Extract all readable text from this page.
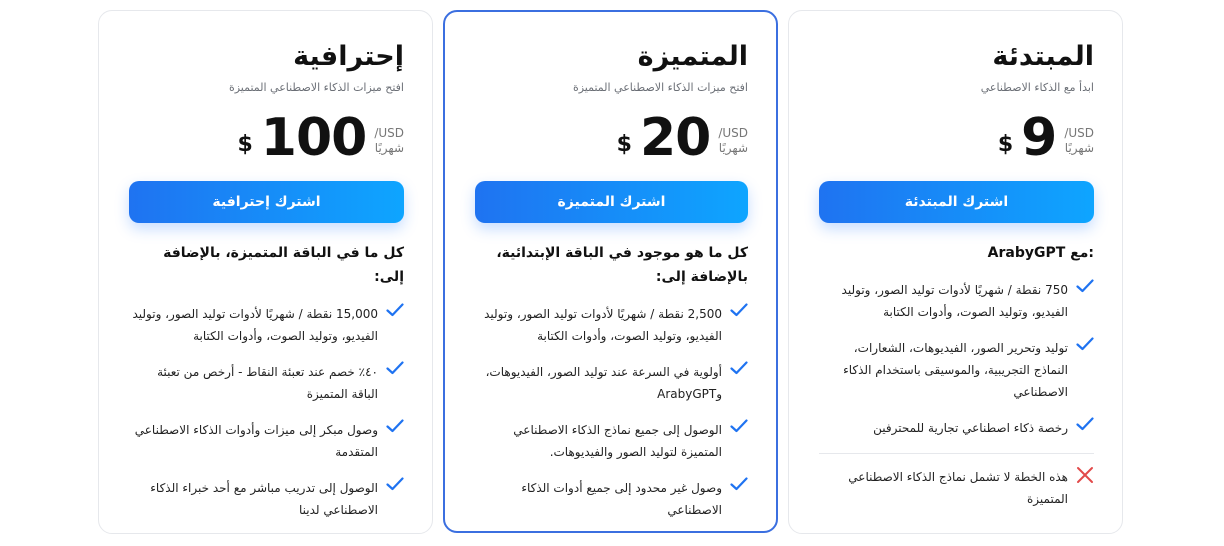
المبتدئة
ابدأ مع الذكاء الاصطناعي
USD/
شهريًا
9
$
اشترك المبتدئة
ArabyGPT مع:
750 نقطة / شهريًا لأدوات توليد الصور، وتوليد الفيديو، وتوليد الصوت، وأدوات الكتابة
توليد وتحرير الصور، الفيديوهات، الشعارات، النماذج التجريبية، والموسيقى باستخدام الذكاء الاصطناعي
رخصة ذكاء اصطناعي تجارية للمحترفين
هذه الخطة لا تشمل نماذج الذكاء الاصطناعي المتميزة
المتميزة
افتح ميزات الذكاء الاصطناعي المتميزة
USD/
شهريًا
20
$
اشترك المتميزة
كل ما هو موجود في الباقة الإبتدائية، بالإضافة إلى:
2,500 نقطة / شهريًا لأدوات توليد الصور، وتوليد الفيديو، وتوليد الصوت، وأدوات الكتابة
أولوية في السرعة عند توليد الصور، الفيديوهات، وArabyGPT
الوصول إلى جميع نماذج الذكاء الاصطناعي المتميزة لتوليد الصور والفيديوهات.
وصول غير محدود إلى جميع أدوات الذكاء الاصطناعي
إحترافية
افتح ميزات الذكاء الاصطناعي المتميزة
USD/
شهريًا
100
$
اشترك إحترافية
كل ما في الباقة المتميزة، بالإضافة إلى:
15,000 نقطة / شهريًا لأدوات توليد الصور، وتوليد الفيديو، وتوليد الصوت، وأدوات الكتابة
٤٠٪ خصم عند تعبئة النقاط - أرخص من تعبئة الباقة المتميزة
وصول مبكر إلى ميزات وأدوات الذكاء الاصطناعي المتقدمة
الوصول إلى تدريب مباشر مع أحد خبراء الذكاء الاصطناعي لدينا
